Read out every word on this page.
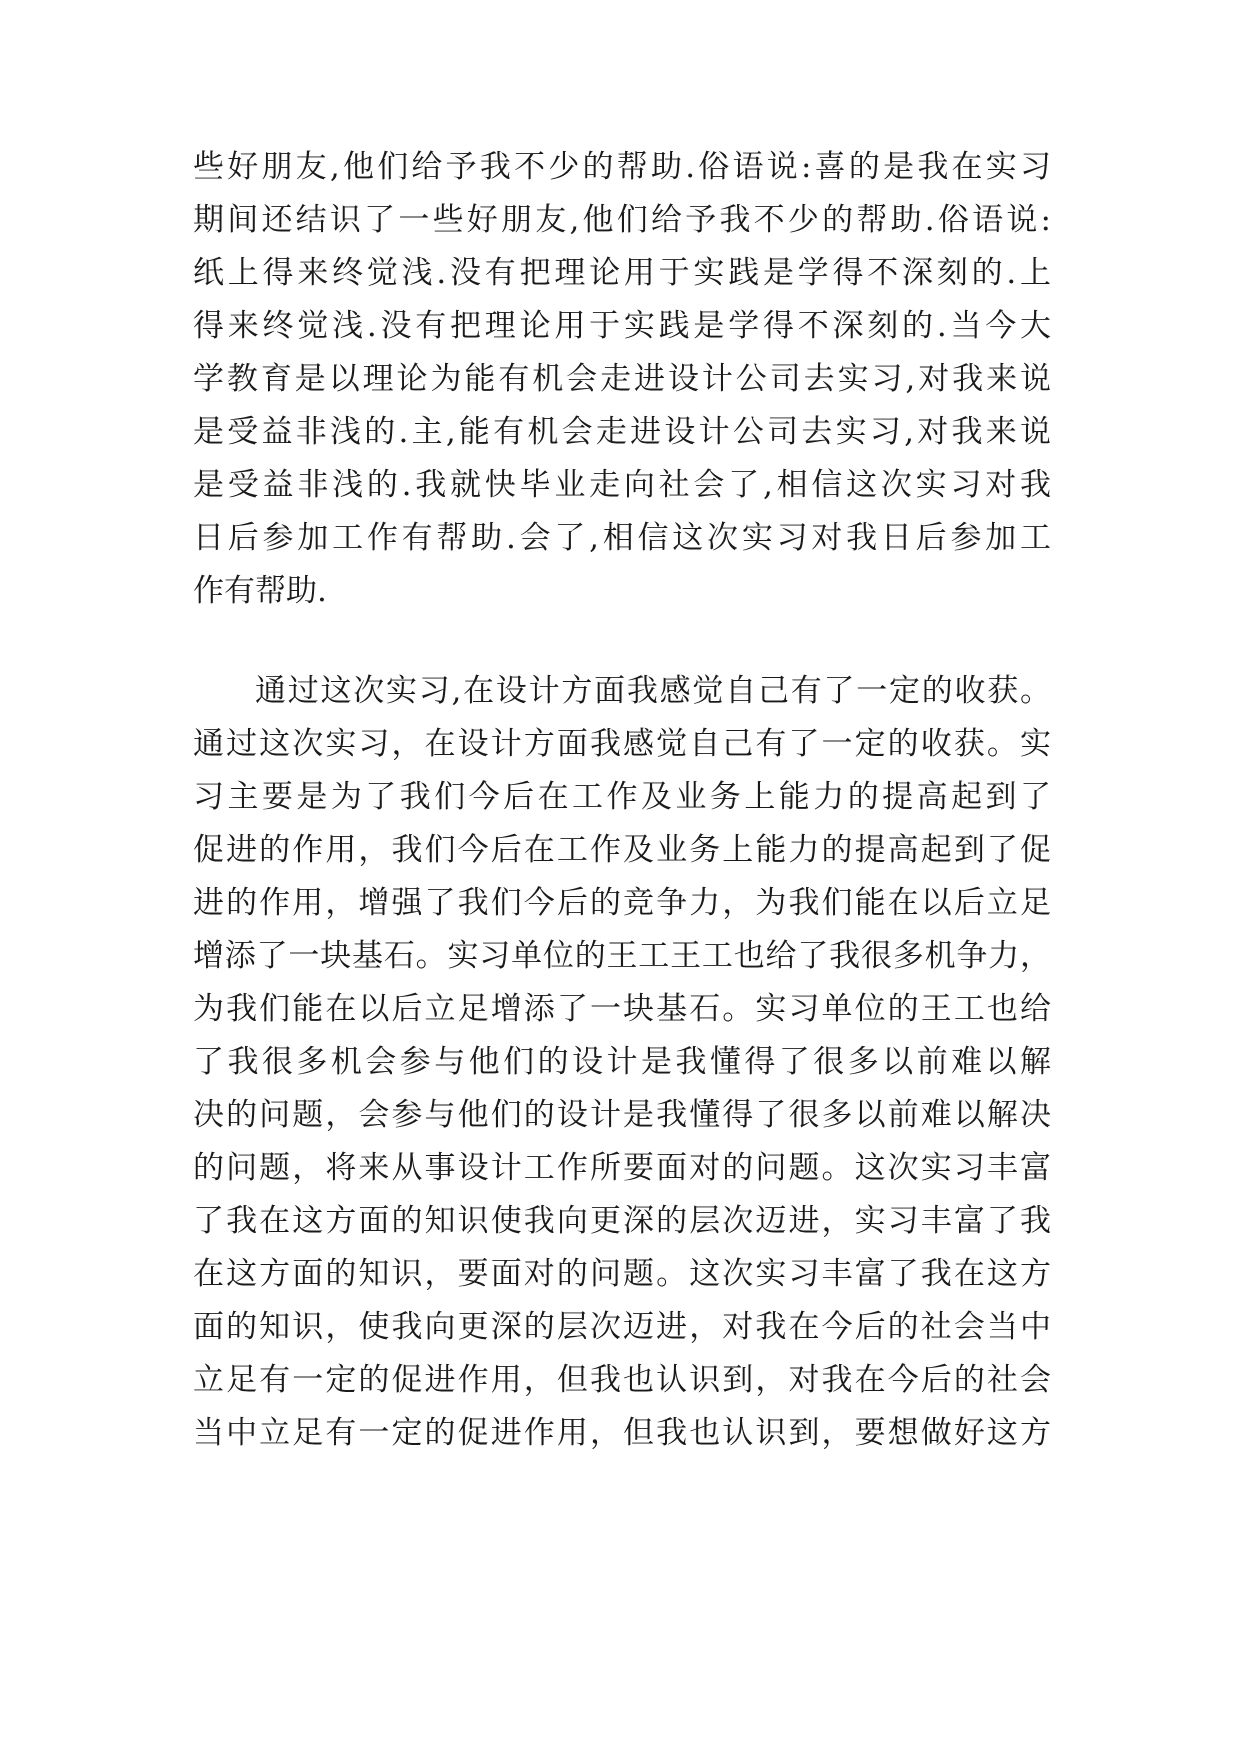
些好朋友,他们给予我不少的帮助.俗语说:喜的是我在实习
期间还结识了一些好朋友,他们给予我不少的帮助.俗语说:
纸上得来终觉浅.没有把理论用于实践是学得不深刻的.上
得来终觉浅.没有把理论用于实践是学得不深刻的.当今大
学教育是以理论为能有机会走进设计公司去实习,对我来说
是受益非浅的.主,能有机会走进设计公司去实习,对我来说
是受益非浅的.我就快毕业走向社会了,相信这次实习对我
日后参加工作有帮助.会了,相信这次实习对我日后参加工
作有帮助.
通过这次实习,在设计方面我感觉自己有了一定的收获。
通过这次实习，在设计方面我感觉自己有了一定的收获。实
习主要是为了我们今后在工作及业务上能力的提高起到了
促进的作用，我们今后在工作及业务上能力的提高起到了促
进的作用，增强了我们今后的竞争力，为我们能在以后立足
增添了一块基石。实习单位的王工王工也给了我很多机争力，
为我们能在以后立足增添了一块基石。实习单位的王工也给
了我很多机会参与他们的设计是我懂得了很多以前难以解
决的问题，会参与他们的设计是我懂得了很多以前难以解决
的问题，将来从事设计工作所要面对的问题。这次实习丰富
了我在这方面的知识使我向更深的层次迈进，实习丰富了我
在这方面的知识，要面对的问题。这次实习丰富了我在这方
面的知识，使我向更深的层次迈进，对我在今后的社会当中
立足有一定的促进作用，但我也认识到，对我在今后的社会
当中立足有一定的促进作用，但我也认识到，要想做好这方
